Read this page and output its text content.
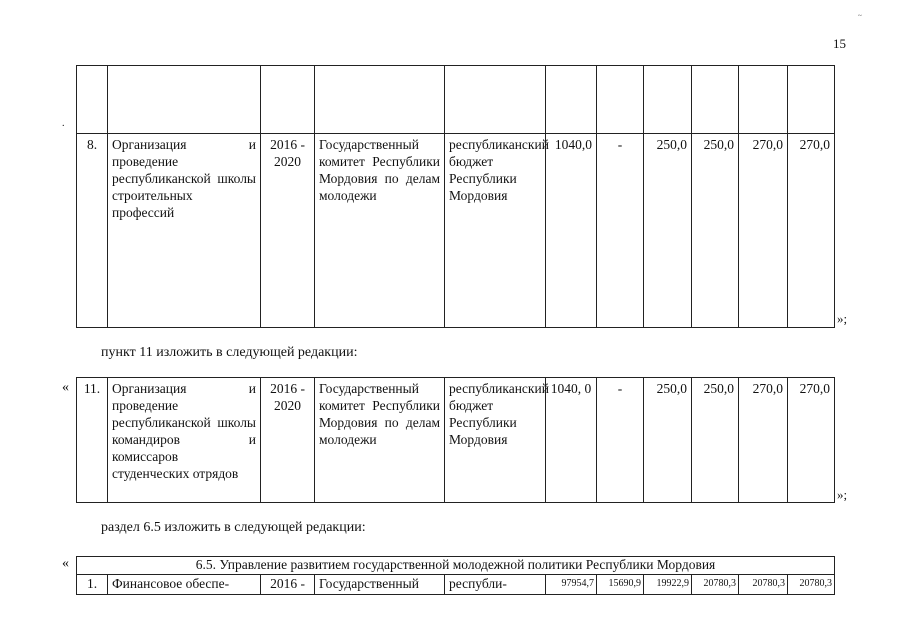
~
15
.

8.	Организация и проведение республиканской школы строительных профессий	2016 - 2020	Государственный комитет Республики Мордовия по делам молодежи	республиканский бюджет Республики Мордовия	1040,0	-	250,0	250,0	270,0	270,0
»;
пункт 11 изложить в следующей редакции:
« 11.	Организация и проведение республиканской школы командиров и комиссаров студенческих отрядов	2016 - 2020	Государственный комитет Республики Мордовия по делам молодежи	республиканский бюджет Республики Мордовия	1040, 0	-	250,0	250,0	270,0	270,0
»;
раздел 6.5 изложить в следующей редакции:
«	6.5. Управление развитием государственной молодежной политики Республики Мордовия
1.	Финансовое обеспе-	2016 -	Государственный	республи-	97954,7	15690,9	19922,9	20780,3	20780,3	20780,3
